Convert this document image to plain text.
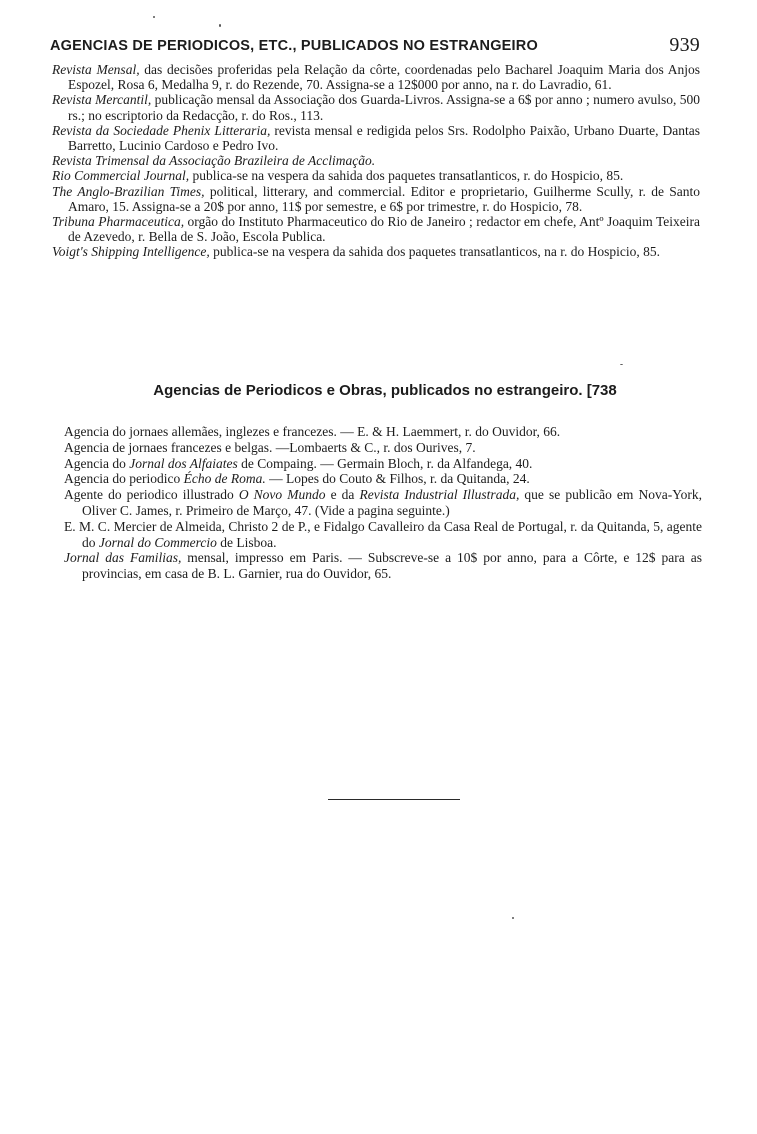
AGENCIAS DE PERIODICOS, ETC., PUBLICADOS NO ESTRANGEIRO	939

Revista Mensal, das decisões proferidas pela Relação da côrte, coordenadas pelo Bacharel Joaquim Maria dos Anjos Espozel, Rosa 6, Medalha 9, r. do Rezende, 70. Assigna-se a 12$000 por anno, na r. do Lavradio, 61.

Revista Mercantil, publicação mensal da Associação dos Guarda-Livros. Assigna-se a 6$ por anno ; numero avulso, 500 rs.; no escriptorio da Redacção, r. do Ros., 113.

Revista da Sociedade Phenix Litteraria, revista mensal e redigida pelos Srs. Rodolpho Paixão, Urbano Duarte, Dantas Barretto, Lucinio Cardoso e Pedro Ivo.

Revista Trimensal da Associação Brazileira de Acclimação.

Rio Commercial Journal, publica-se na vespera da sahida dos paquetes transatlanticos, r. do Hospicio, 85.

The Anglo-Brazilian Times, political, litterary, and commercial. Editor e proprietario, Guilherme Scully, r. de Santo Amaro, 15. Assigna-se a 20$ por anno, 11$ por semestre, e 6$ por trimestre, r. do Hospicio, 78.

Tribuna Pharmaceutica, orgão do Instituto Pharmaceutico do Rio de Janeiro ; redactor em chefe, Antº Joaquim Teixeira de Azevedo, r. Bella de S. João, Escola Publica.

Voigt's Shipping Intelligence, publica-se na vespera da sahida dos paquetes transatlanticos, na r. do Hospicio, 85.

Agencias de Periodicos e Obras, publicados no estrangeiro. [738

Agencia do jornaes allemães, inglezes e francezes. — E. & H. Laemmert, r. do Ouvidor, 66.

Agencia de jornaes francezes e belgas. —Lombaerts & C., r. dos Ourives, 7.

Agencia do Jornal dos Alfaiates de Compaing. — Germain Bloch, r. da Alfandega, 40.

Agencia do periodico Écho de Roma. — Lopes do Couto & Filhos, r. da Quitanda, 24.

Agente do periodico illustrado O Novo Mundo e da Revista Industrial Illustrada, que se publicão em Nova-York, Oliver C. James, r. Primeiro de Março, 47. (Vide a pagina seguinte.)

E. M. C. Mercier de Almeida, Christo 2 de P., e Fidalgo Cavalleiro da Casa Real de Portugal, r. da Quitanda, 5, agente do Jornal do Commercio de Lisboa.

Jornal das Familias, mensal, impresso em Paris. — Subscreve-se a 10$ por anno, para a Côrte, e 12$ para as provincias, em casa de B. L. Garnier, rua do Ouvidor, 65.
